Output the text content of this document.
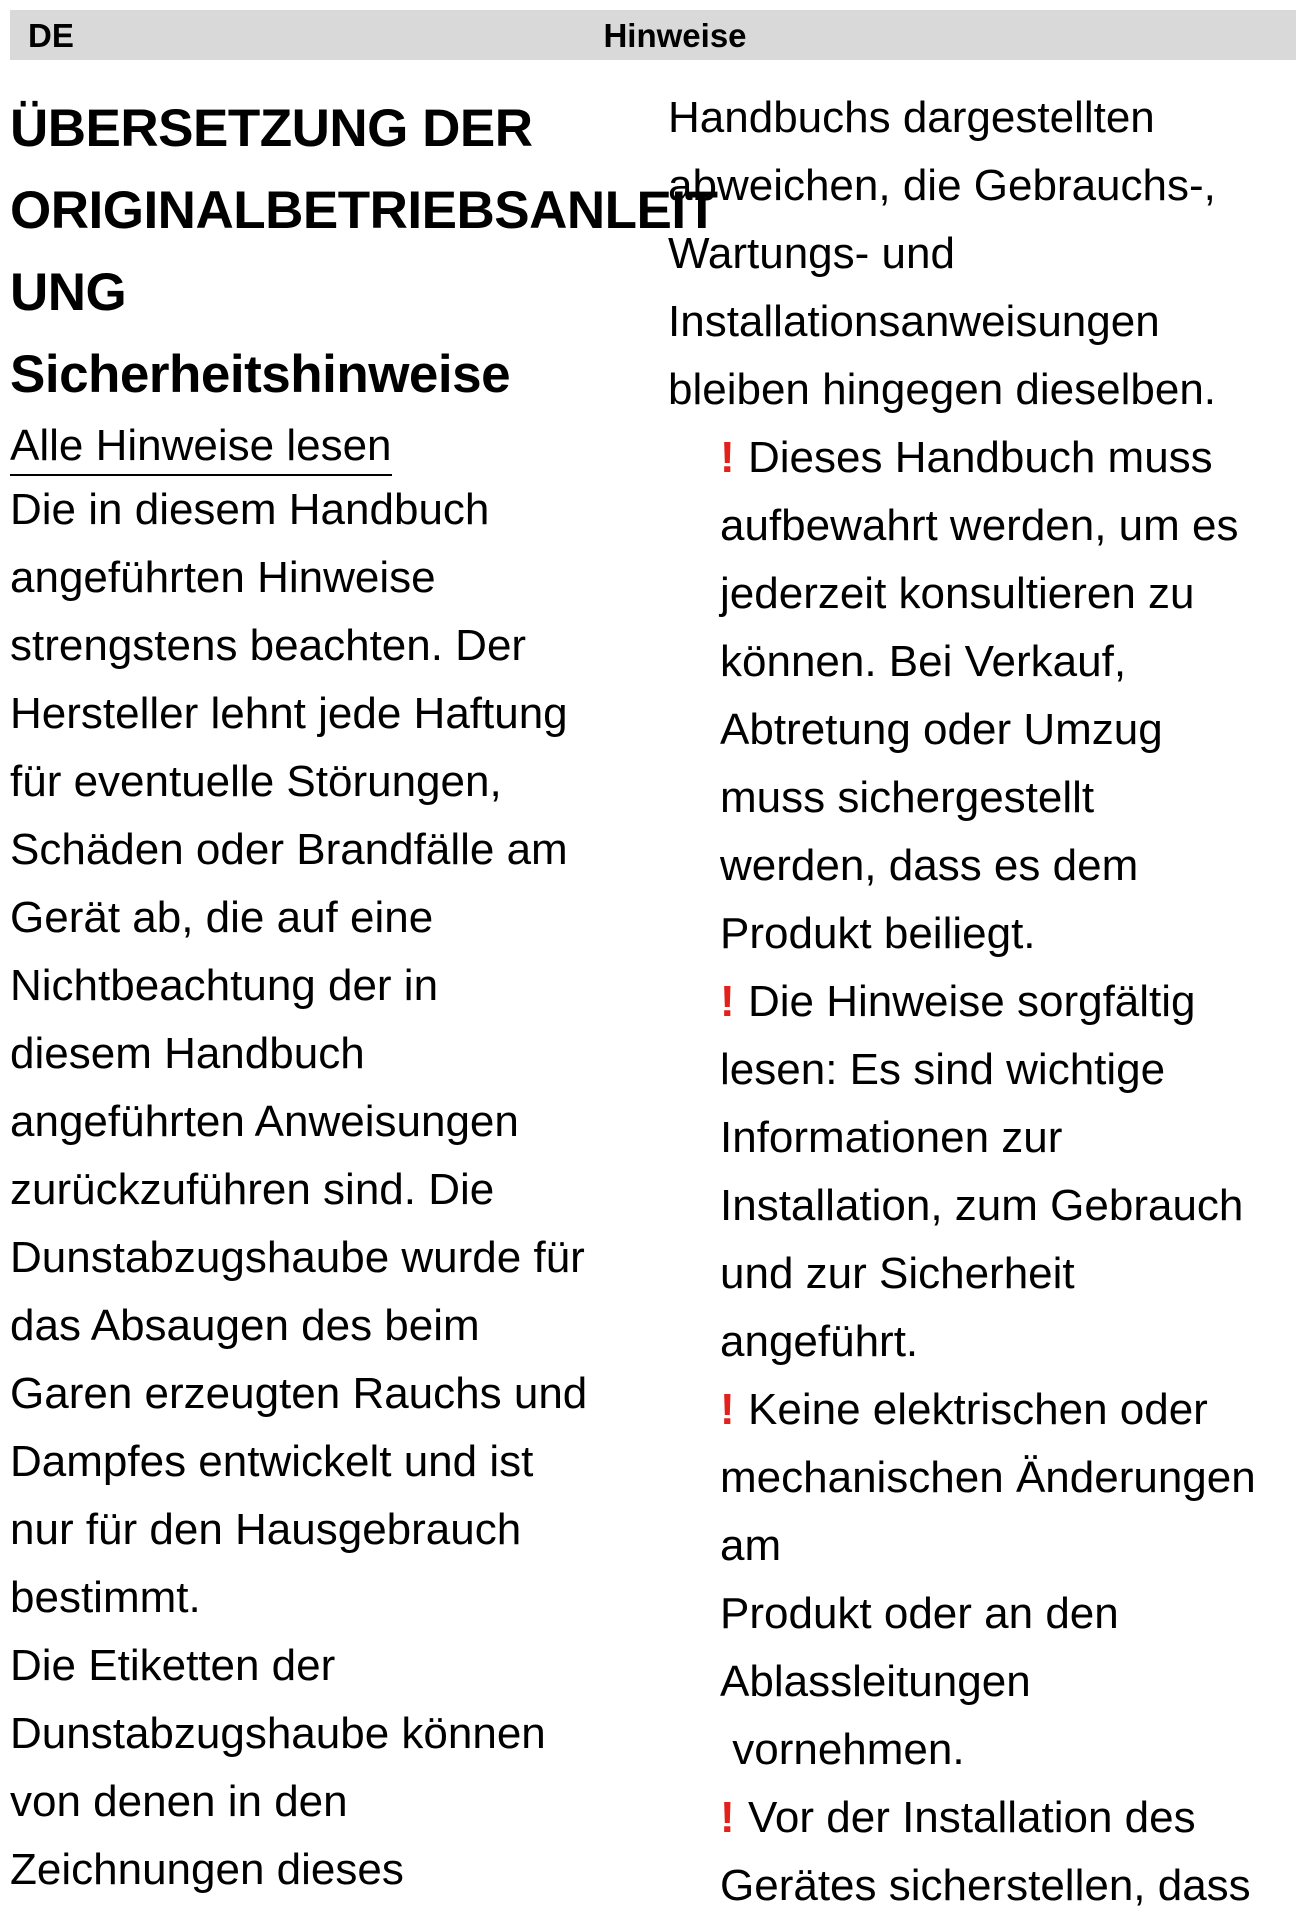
DE	Hinweise
ÜBERSETZUNG DER
ORIGINALBETRIEBSANLEIT
UNG
Sicherheitshinweise
Alle Hinweise lesen

Die in diesem Handbuch
angeführten Hinweise
strengstens beachten. Der
Hersteller lehnt jede Haftung
für eventuelle Störungen,
Schäden oder Brandfälle am
Gerät ab, die auf eine
Nichtbeachtung der in
diesem Handbuch
angeführten Anweisungen
zurückzuführen sind. Die
Dunstabzugshaube wurde für
das Absaugen des beim
Garen erzeugten Rauchs und
Dampfes entwickelt und ist
nur für den Hausgebrauch
bestimmt.

Die Etiketten der
Dunstabzugshaube können
von denen in den
Zeichnungen dieses

Handbuchs dargestellten
abweichen, die Gebrauchs-,
Wartungs- und
Installationsanweisungen
bleiben hingegen dieselben.

! Dieses Handbuch muss
aufbewahrt werden, um es
jederzeit konsultieren zu
können. Bei Verkauf,
Abtretung oder Umzug
muss sichergestellt
werden, dass es dem
Produkt beiliegt.

! Die Hinweise sorgfältig
lesen: Es sind wichtige
Informationen zur
Installation, zum Gebrauch
und zur Sicherheit
angeführt.

! Keine elektrischen oder
mechanischen Änderungen
am
Produkt oder an den
Ablassleitungen
vornehmen.

! Vor der Installation des
Gerätes sicherstellen, dass
